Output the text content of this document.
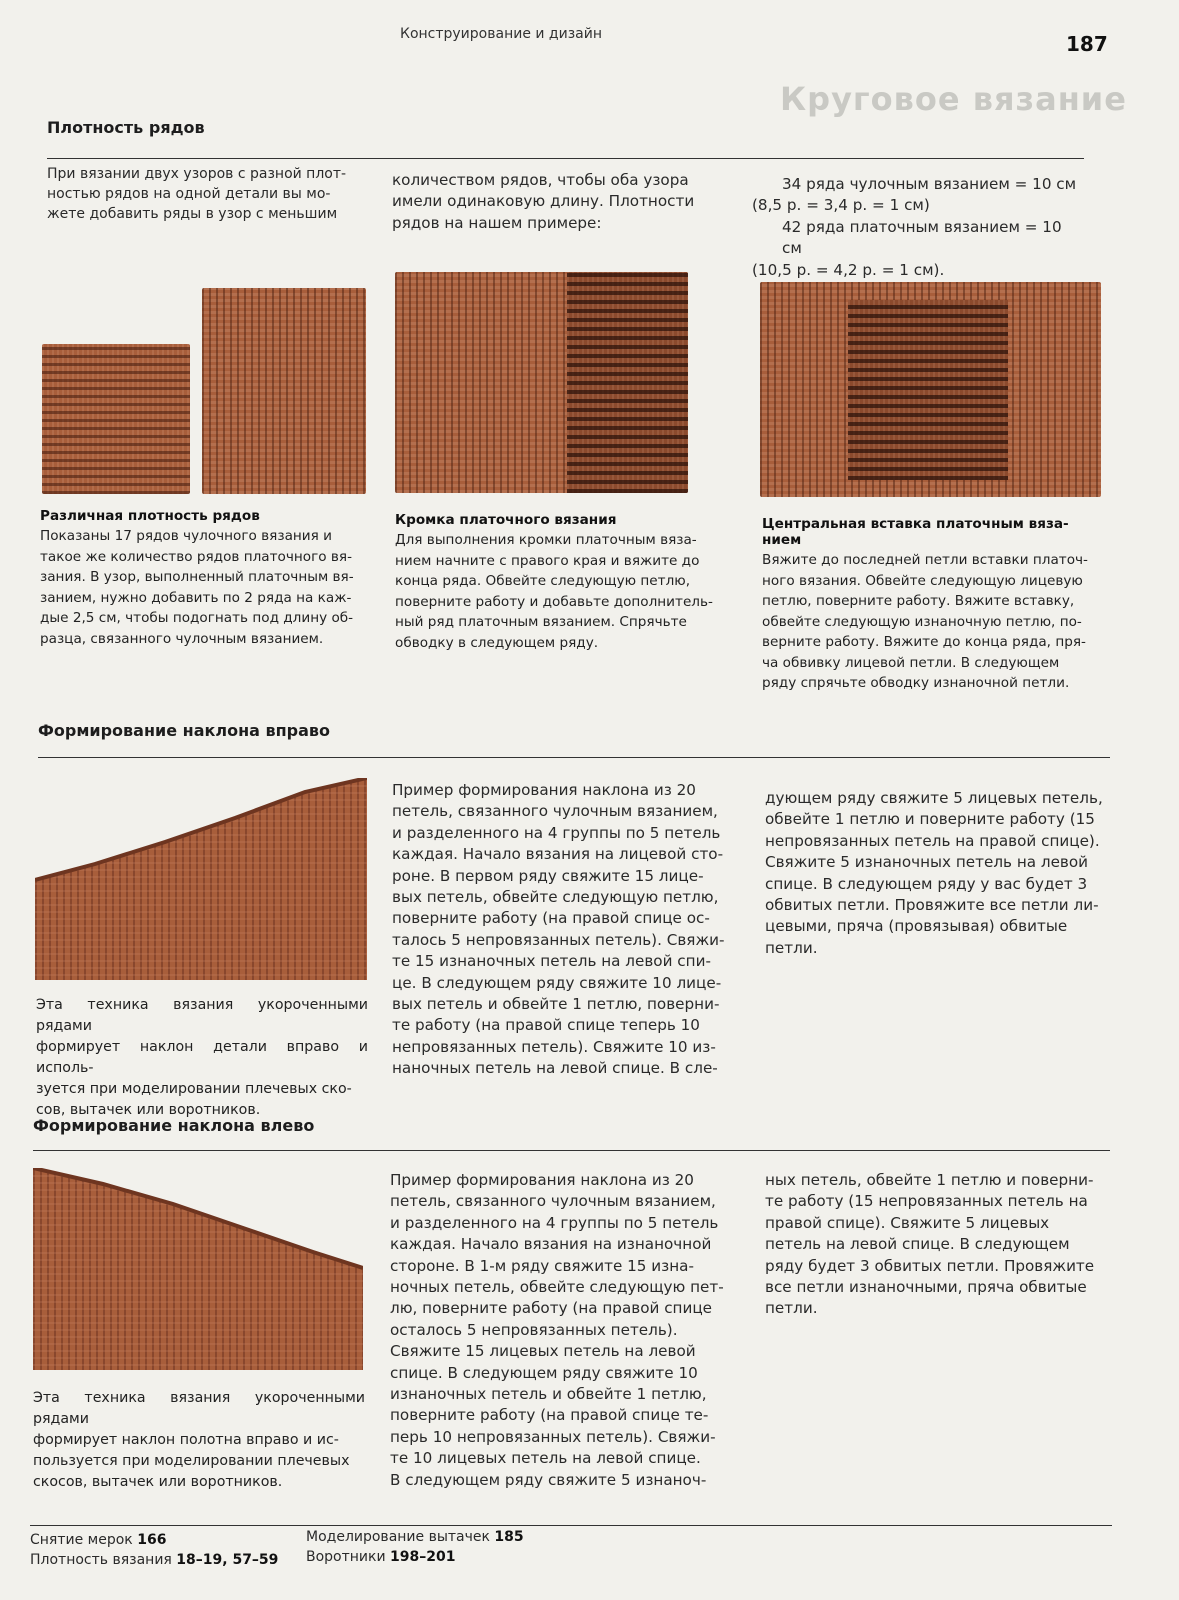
Конструирование и дизайн	187
Круговое вязание
Плотность рядов
При вязании двух узоров с разной плот-
ностью рядов на одной детали вы мо-
жете добавить ряды в узор с меньшим
количеством рядов, чтобы оба узора
имели одинаковую длину. Плотности
рядов на нашем примере:
34 ряда чулочным вязанием = 10 см
(8,5 р. = 3,4 р. = 1 см)
42 ряда платочным вязанием = 10 см
(10,5 р. = 4,2 р. = 1 см).
Различная плотность рядов
Показаны 17 рядов чулочного вязания и
такое же количество рядов платочного вя-
зания. В узор, выполненный платочным вя-
занием, нужно добавить по 2 ряда на каж-
дые 2,5 см, чтобы подогнать под длину об-
разца, связанного чулочным вязанием.
Кромка платочного вязания
Для выполнения кромки платочным вяза-
нием начните с правого края и вяжите до
конца ряда. Обвейте следующую петлю,
поверните работу и добавьте дополнитель-
ный ряд платочным вязанием. Спрячьте
обводку в следующем ряду.
Центральная вставка платочным вяза-
нием
Вяжите до последней петли вставки платоч-
ного вязания. Обвейте следующую лицевую
петлю, поверните работу. Вяжите вставку,
обвейте следующую изнаночную петлю, по-
верните работу. Вяжите до конца ряда, пря-
ча обвивку лицевой петли. В следующем
ряду спрячьте обводку изнаночной петли.
Формирование наклона вправо
Эта техника вязания укороченными рядами
формирует наклон детали вправо и исполь-
зуется при моделировании плечевых ско-
сов, вытачек или воротников.
Пример формирования наклона из 20
петель, связанного чулочным вязанием,
и разделенного на 4 группы по 5 петель
каждая. Начало вязания на лицевой сто-
роне. В первом ряду свяжите 15 лице-
вых петель, обвейте следующую петлю,
поверните работу (на правой спице ос-
талось 5 непровязанных петель). Свяжи-
те 15 изнаночных петель на левой спи-
це. В следующем ряду свяжите 10 лице-
вых петель и обвейте 1 петлю, поверни-
те работу (на правой спице теперь 10
непровязанных петель). Свяжите 10 из-
наночных петель на левой спице. В сле-
дующем ряду свяжите 5 лицевых петель,
обвейте 1 петлю и поверните работу (15
непровязанных петель на правой спице).
Свяжите 5 изнаночных петель на левой
спице. В следующем ряду у вас будет 3
обвитых петли. Провяжите все петли ли-
цевыми, пряча (провязывая) обвитые
петли.
Формирование наклона влево
Эта техника вязания укороченными рядами
формирует наклон полотна вправо и ис-
пользуется при моделировании плечевых
скосов, вытачек или воротников.
Пример формирования наклона из 20
петель, связанного чулочным вязанием,
и разделенного на 4 группы по 5 петель
каждая. Начало вязания на изнаночной
стороне. В 1-м ряду свяжите 15 изна-
ночных петель, обвейте следующую пет-
лю, поверните работу (на правой спице
осталось 5 непровязанных петель).
Свяжите 15 лицевых петель на левой
спице. В следующем ряду свяжите 10
изнаночных петель и обвейте 1 петлю,
поверните работу (на правой спице те-
перь 10 непровязанных петель). Свяжи-
те 10 лицевых петель на левой спице.
В следующем ряду свяжите 5 изнаноч-
ных петель, обвейте 1 петлю и поверни-
те работу (15 непровязанных петель на
правой спице). Свяжите 5 лицевых
петель на левой спице. В следующем
ряду будет 3 обвитых петли. Провяжите
все петли изнаночными, пряча обвитые
петли.
Снятие мерок 166
Плотность вязания 18–19, 57–59
Моделирование вытачек 185
Воротники 198–201
